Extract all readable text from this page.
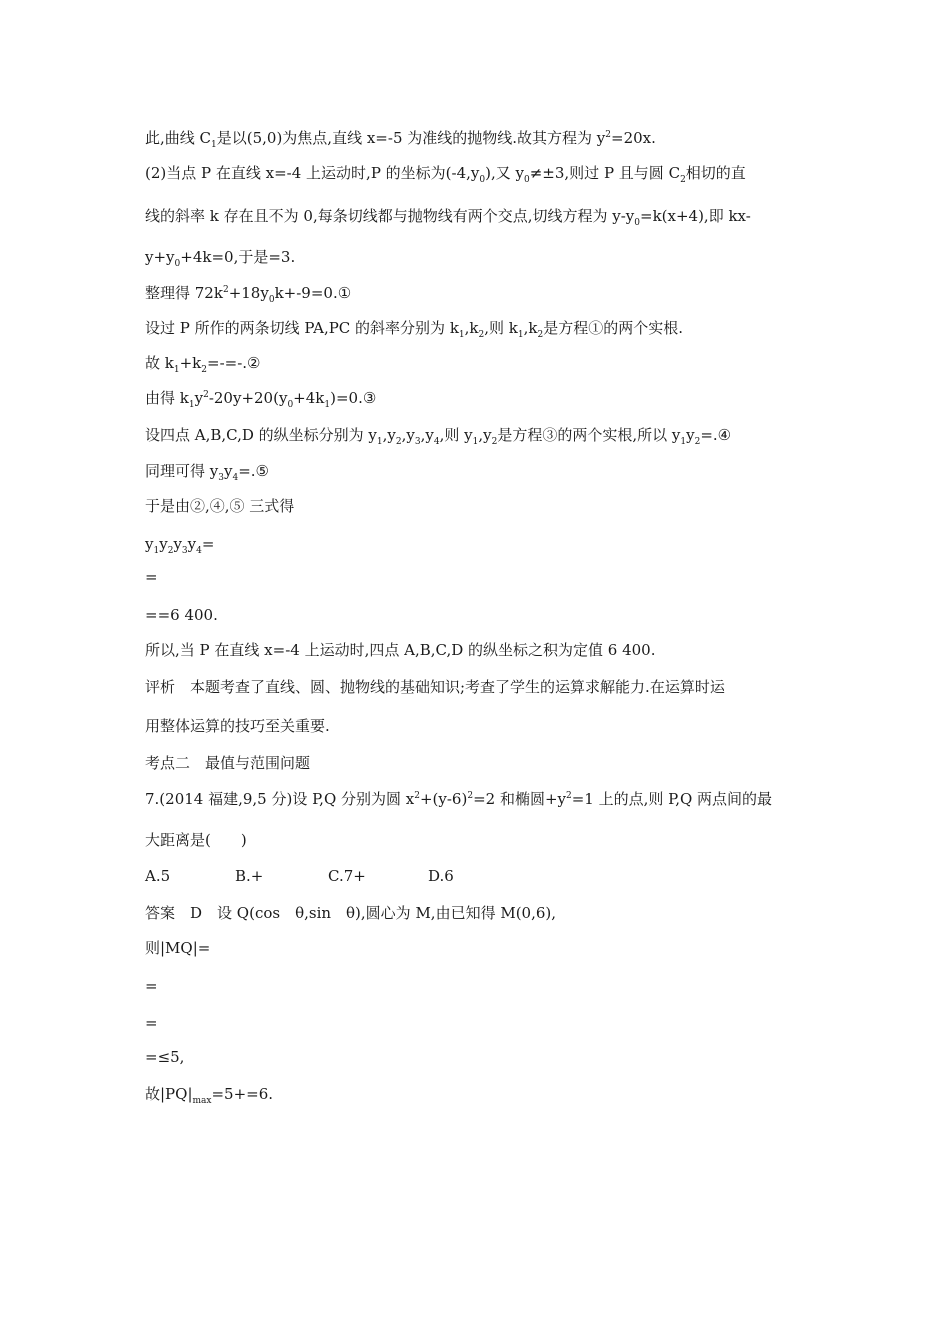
此,曲线 $C_1$是以(5,0)为焦点,直线 x=-5 为准线的抛物线.故其方程为 $y^2=20x$.
(2)当点 P 在直线 x=-4 上运动时,P 的坐标为$(-4,y_0)$,又 $y_0\ne\pm 3$,则过 P 且与圆 $C_2$相切的直
线的斜率 k 存在且不为 0,每条切线都与抛物线有两个交点,切线方程为 $y-y_0=k(x+4)$,即 kx-
$y+y_0+4k=0$,于是=3.
整理得 $72k^2+18y_0k+-9=0.①$
设过 P 所作的两条切线 PA,PC 的斜率分别为 $k_1,k_2$,则 $k_1,k_2$是方程①的两个实根.
故 $k_1+k_2=-=-.②$
由得 $k_1y^2-20y+20(y_0+4k_1)=0.③$
设四点 A,B,C,D 的纵坐标分别为 $y_1,y_2,y_3,y_4$,则 $y_1,y_2$是方程③的两个实根,所以 $y_1y_2=.④$
同理可得 $y_3y_4=.⑤$
于是由②,④,⑤ 三式得
$y_1y_2y_3y_4=$
=
==6 400.
所以,当 P 在直线 x=-4 上运动时,四点 A,B,C,D 的纵坐标之积为定值 6 400.
评析　本题考查了直线、圆、抛物线的基础知识;考查了学生的运算求解能力.在运算时运
用整体运算的技巧至关重要.
考点二　最值与范围问题
7.(2014 福建,9,5 分)设 P,Q 分别为圆 $x^2+(y-6)^2=2$ 和椭圆$+y^2=1$ 上的点,则 P,Q 两点间的最
大距离是(　　)
A.5	B.+	C.7+	D.6
答案　D　设 Q(cos　θ,sin　θ),圆心为 M,由已知得 M(0,6),
则|MQ|=
=
=
=≤5,
故$|PQ|_{max}=5+=6$.
